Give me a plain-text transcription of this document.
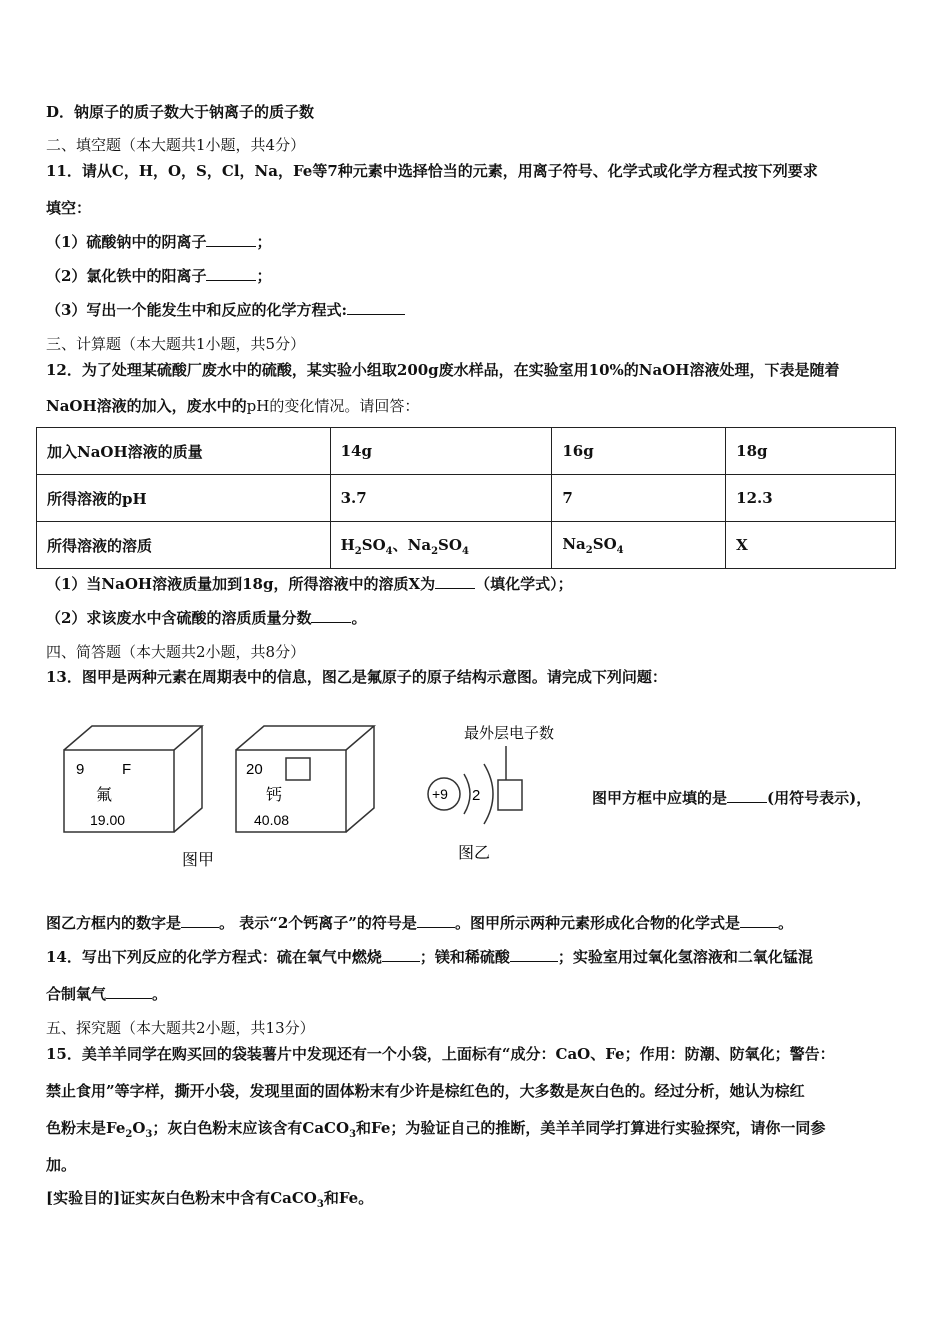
D．钠原子的质子数大于钠离子的质子数
二、填空题（本大题共1小题，共4分）
11．请从C，H，O，S，Cl，Na，Fe等7种元素中选择恰当的元素，用离子符号、化学式或化学方程式按下列要求
填空：
（1）硫酸钠中的阴离子	；
（2）氯化铁中的阳离子	；
（3）写出一个能发生中和反应的化学方程式:
三、计算题（本大题共1小题，共5分）
12．为了处理某硫酸厂废水中的硫酸，某实验小组取200g废水样品，在实验室用10%的NaOH溶液处理，下表是随着
NaOH溶液的加入，废水中的pH的变化情况。请回答：
加入NaOH溶液的质量	14g	16g	18g
所得溶液的pH	3.7	7	12.3
所得溶液的溶质	$H_2SO_4$、$Na_2SO_4$	$Na_2SO_4$	X
（1）当NaOH溶液质量加到18g，所得溶液中的溶质X为	（填化学式）；
（2）求该废水中含硫酸的溶质质量分数	。
四、简答题（本大题共2小题，共8分）
13．图甲是两种元素在周期表中的信息，图乙是氟原子的原子结构示意图。请完成下列问题：
9	F
氟
19.00
20
钙
40.08
图甲
最外层电子数
+9 2
图乙
图甲方框中应填的是	(用符号表示)，
图乙方框内的数字是	。 表示“2个钙离子”的符号是	。图甲所示两种元素形成化合物的化学式是	。
14．写出下列反应的化学方程式：硫在氧气中燃烧	；镁和稀硫酸	；实验室用过氧化氢溶液和二氧化锰混
合制氧气	。
五、探究题（本大题共2小题，共13分）
15．美羊羊同学在购买回的袋装薯片中发现还有一个小袋，上面标有“成分：CaO、Fe；作用：防潮、防氧化；警告：
禁止食用”等字样，撕开小袋，发现里面的固体粉末有少许是棕红色的，大多数是灰白色的。经过分析，她认为棕红
色粉末是$Fe_2O_3$；灰白色粉末应该含有CaCO$_3$和Fe；为验证自己的推断，美羊羊同学打算进行实验探究，请你一同参
加。
[实验目的]证实灰白色粉末中含有CaCO$_3$和Fe。
